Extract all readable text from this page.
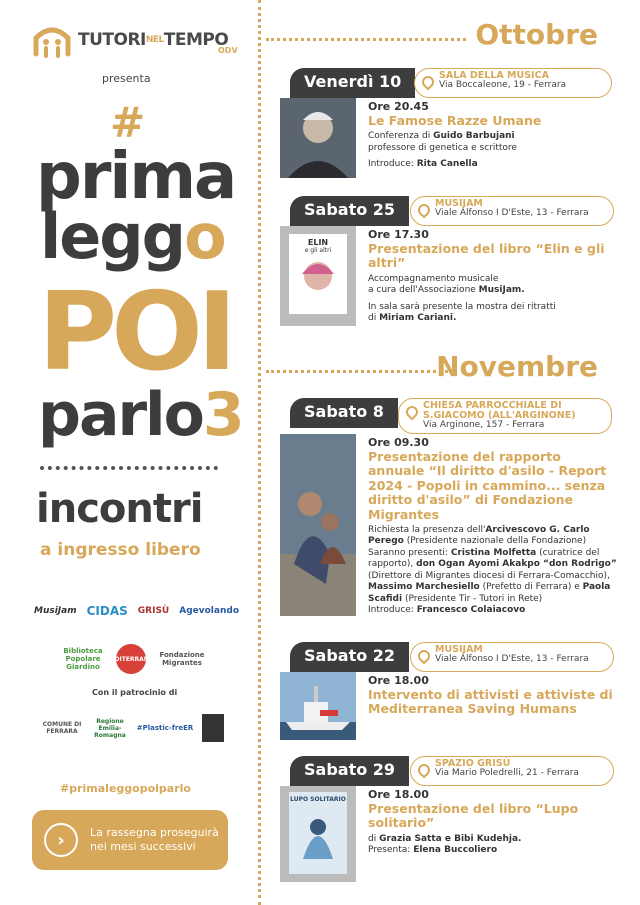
TUTORINELTEMPO
ODV
presenta
#
prima
leggo
POI
parlo3
incontri
a ingresso libero
MusiJam CIDAS GRISÙ Agevolando
Biblioteca Popolare Giardino
MEDITERRANEA Fondazione Migrantes
Con il patrocinio di
COMUNE DI FERRARA
Regione Emilia-Romagna
#Plastic-freER
#primaleggopoiparlo
›	La rassegna proseguirà nei mesi successivi
Ottobre
Venerdì 10	SALA DELLA MUSICA
Via Boccaleone, 19 - Ferrara
Ore 20.45
Le Famose Razze Umane
Conferenza di Guido Barbujani
professore di genetica e scrittore
Introduce: Rita Canella
Sabato 25	MUSIJAM
Viale Alfonso I D'Este, 13 - Ferrara
ELIN
e gli altri
Ore 17.30
Presentazione del libro “Elin e gli altri”
Accompagnamento musicale
a cura dell'Associazione MusiJam.
In sala sarà presente la mostra dei ritratti
di Miriam Cariani.
Novembre
Sabato 8	CHIESA PARROCCHIALE DI S.GIACOMO (ALL'ARGINONE)
Via Arginone, 157 - Ferrara
Ore 09.30
Presentazione del rapporto annuale “Il diritto d'asilo - Report 2024 - Popoli in cammino... senza diritto d'asilo” di Fondazione Migrantes
Richiesta la presenza dell'Arcivescovo G. Carlo Perego (Presidente nazionale della Fondazione)
Saranno presenti: Cristina Molfetta (curatrice del rapporto), don Ogan Ayomi Akakpo “don Rodrigo” (Direttore di Migrantes diocesi di Ferrara-Comacchio), Massimo Marchesiello (Prefetto di Ferrara) e Paola Scafidi (Presidente Tir - Tutori in Rete)
Introduce: Francesco Colaiacovo
Sabato 22	MUSIJAM
Viale Alfonso I D'Este, 13 - Ferrara
Ore 18.00
Intervento di attivisti e attiviste di Mediterranea Saving Humans
Sabato 29	SPAZIO GRISÙ
Via Mario Poledrelli, 21 - Ferrara
LUPO SOLITARIO Ore 18.00
Presentazione del libro “Lupo solitario”
di Grazia Satta e Bibi Kudehja.
Presenta: Elena Buccoliero
